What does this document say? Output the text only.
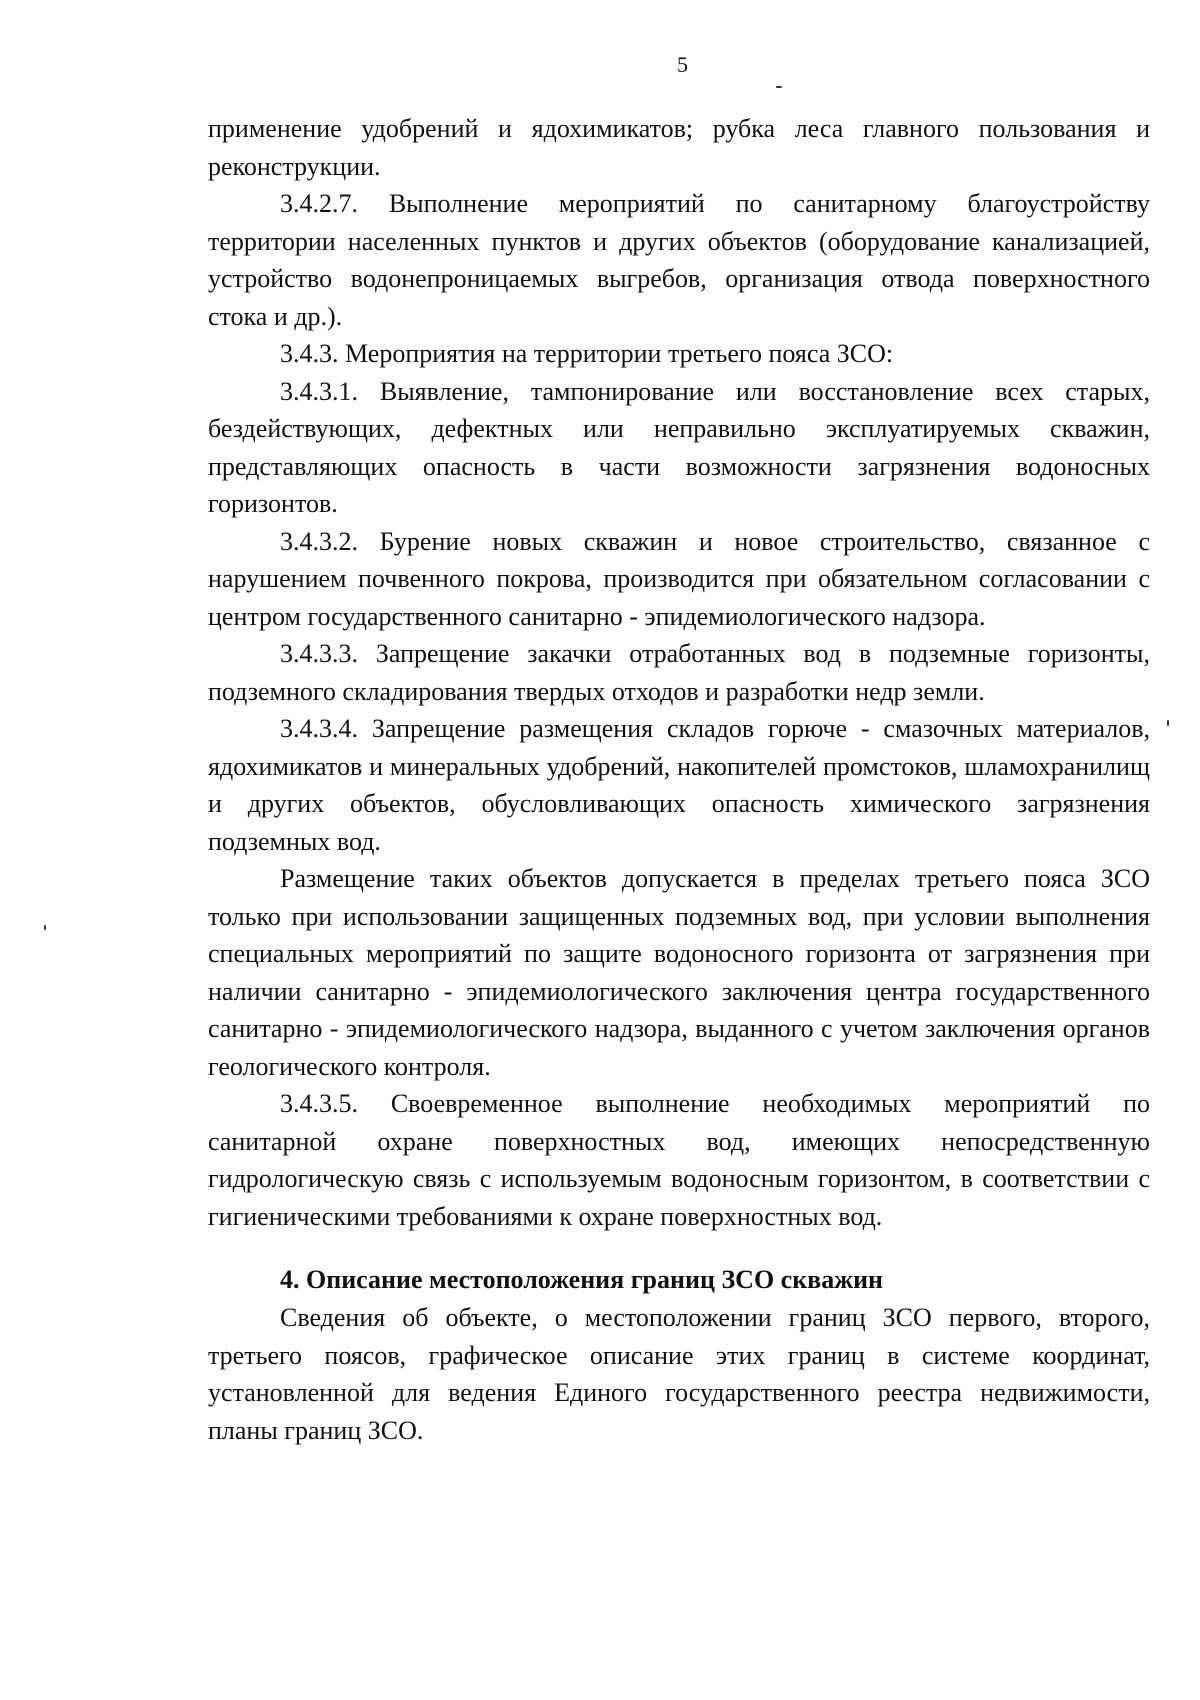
5

применение удобрений и ядохимикатов; рубка леса главного пользования и реконструкции.

3.4.2.7. Выполнение мероприятий по санитарному благоустройству территории населенных пунктов и других объектов (оборудование канализацией, устройство водонепроницаемых выгребов, организация отвода поверхностного стока и др.).

3.4.3. Мероприятия на территории третьего пояса ЗСО:

3.4.3.1. Выявление, тампонирование или восстановление всех старых, бездействующих, дефектных или неправильно эксплуатируемых скважин, представляющих опасность в части возможности загрязнения водоносных горизонтов.

3.4.3.2. Бурение новых скважин и новое строительство, связанное с нарушением почвенного покрова, производится при обязательном согласовании с центром государственного санитарно - эпидемиологического надзора.

3.4.3.3. Запрещение закачки отработанных вод в подземные горизонты, подземного складирования твердых отходов и разработки недр земли.

3.4.3.4. Запрещение размещения складов горюче - смазочных материалов, ядохимикатов и минеральных удобрений, накопителей промстоков, шламохранилищ и других объектов, обусловливающих опасность химического загрязнения подземных вод.

Размещение таких объектов допускается в пределах третьего пояса ЗСО только при использовании защищенных подземных вод, при условии выполнения специальных мероприятий по защите водоносного горизонта от загрязнения при наличии санитарно - эпидемиологического заключения центра государственного санитарно - эпидемиологического надзора, выданного с учетом заключения органов геологического контроля.

3.4.3.5. Своевременное выполнение необходимых мероприятий по санитарной охране поверхностных вод, имеющих непосредственную гидрологическую связь с используемым водоносным горизонтом, в соответствии с гигиеническими требованиями к охране поверхностных вод.

4. Описание местоположения границ ЗСО скважин

Сведения об объекте, о местоположении границ ЗСО первого, второго, третьего поясов, графическое описание этих границ в системе координат, установленной для ведения Единого государственного реестра недвижимости, планы границ ЗСО.
